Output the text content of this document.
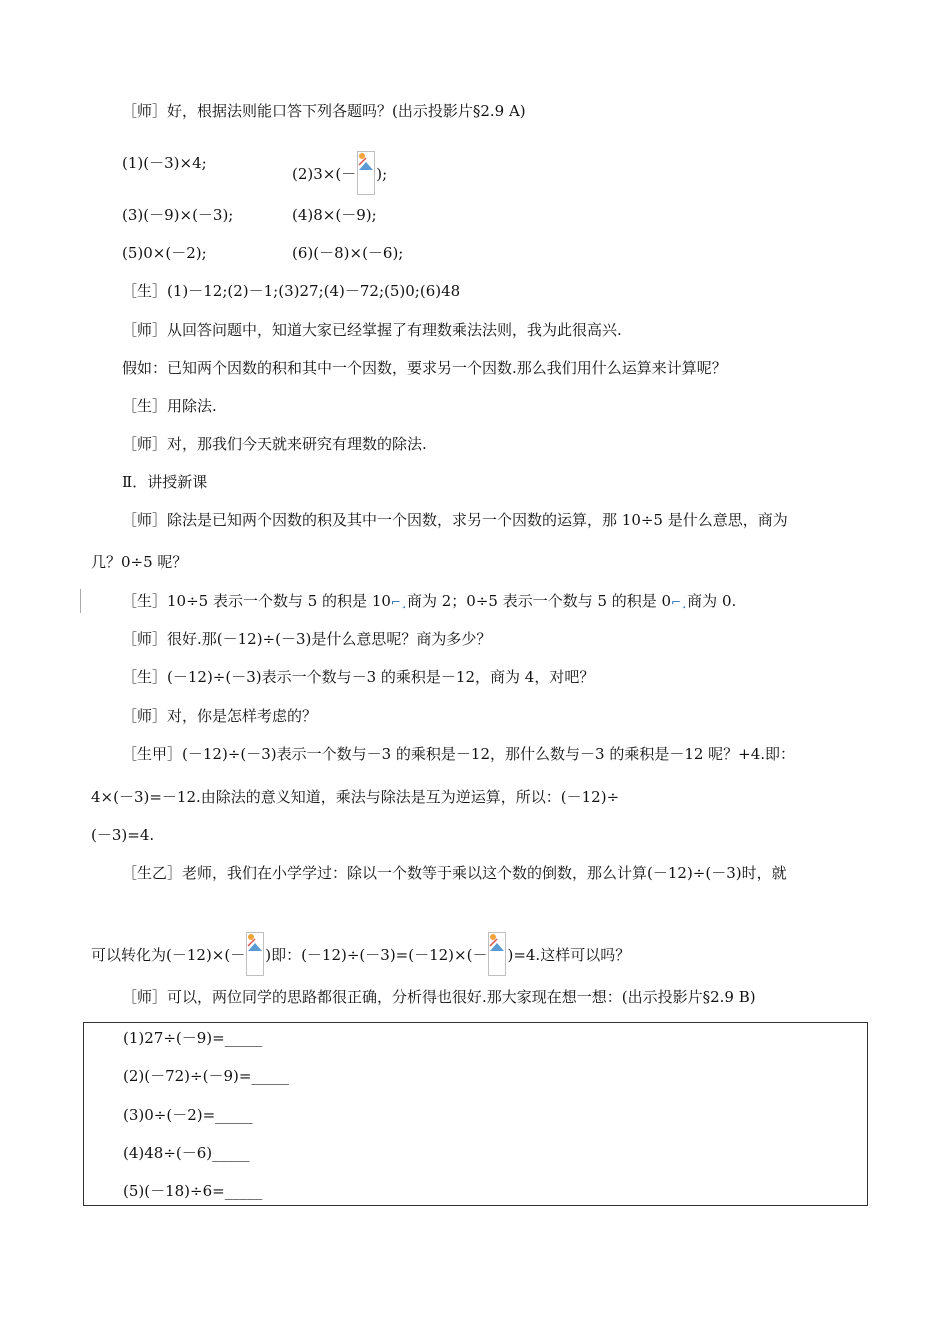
［师］好，根据法则能口答下列各题吗？(出示投影片§2.9 A)
(1)(－3)×4;
(2)3×(－ );
(3)(－9)×(－3);	(4)8×(－9);
(5)0×(－2);	(6)(－8)×(－6);
［生］(1)－12;(2)－1;(3)27;(4)－72;(5)0;(6)48
［师］从回答问题中，知道大家已经掌握了有理数乘法法则，我为此很高兴.
假如：已知两个因数的积和其中一个因数，要求另一个因数.那么我们用什么运算来计算呢？
［生］用除法.
［师］对，那我们今天就来研究有理数的除法.
Ⅱ．讲授新课
［师］除法是已知两个因数的积及其中一个因数，求另一个因数的运算，那 10÷5 是什么意思，商为
几？0÷5 呢？
［生］10÷5 表示一个数与 5 的积是 10⌐¸商为 2；0÷5 表示一个数与 5 的积是 0⌐¸商为 0.
［师］很好.那(－12)÷(－3)是什么意思呢？商为多少？
［生］(－12)÷(－3)表示一个数与－3 的乘积是－12，商为 4，对吧？
［师］对，你是怎样考虑的？
［生甲］(－12)÷(－3)表示一个数与－3 的乘积是－12，那什么数与－3 的乘积是－12 呢？+4.即：
4×(－3)=－12.由除法的意义知道，乘法与除法是互为逆运算，所以：(－12)÷
(－3)=4.
［生乙］老师，我们在小学学过：除以一个数等于乘以这个数的倒数，那么计算(－12)÷(－3)时，就
可以转化为(－12)×(－ )即：(－12)÷(－3)=(－12)×(－ )=4.这样可以吗？
［师］可以，两位同学的思路都很正确，分析得也很好.那大家现在想一想：(出示投影片§2.9 B)
(1)27÷(－9)=_____
(2)(－72)÷(－9)=_____
(3)0÷(－2)=_____
(4)48÷(－6)_____
(5)(－18)÷6=_____
